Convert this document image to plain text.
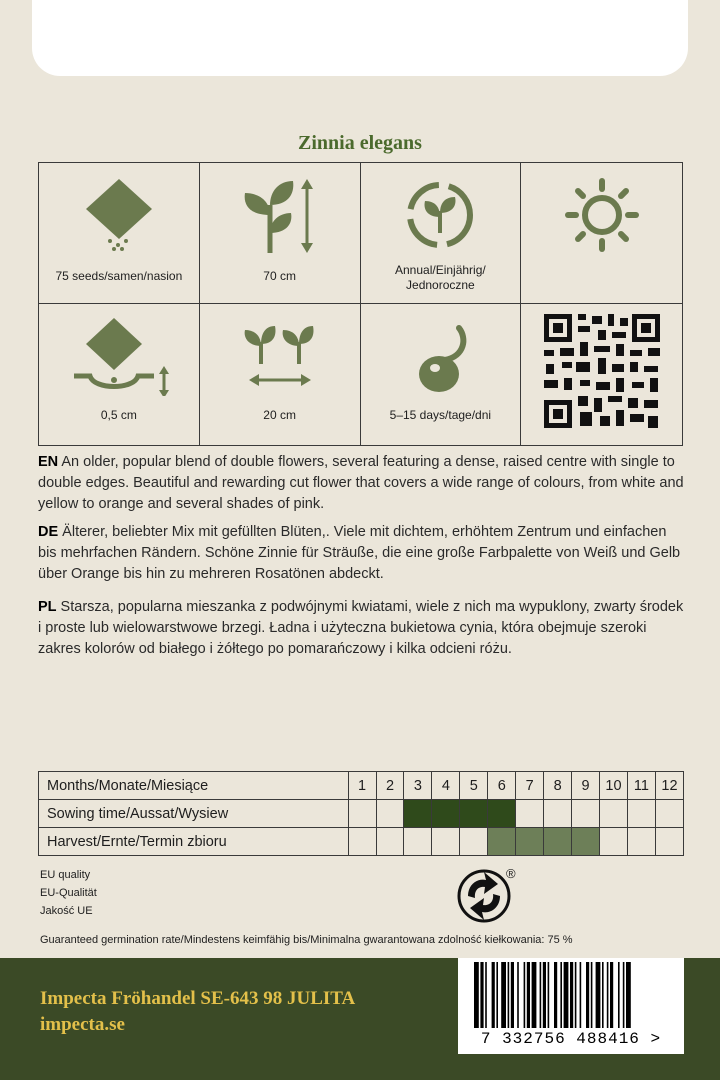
Zinnia elegans
75 seeds/samen/nasion	70 cm	Annual/Einjährig/
Jednoroczne
0,5 cm	20 cm	5–15 days/tage/dni
EN An older, popular blend of double flowers, several featuring a dense, raised centre with single to double edges. Beautiful and rewarding cut flower that covers a wide range of colours, from white and yellow to orange and several shades of pink.
DE Älterer, beliebter Mix mit gefüllten Blüten,. Viele mit dichtem, erhöhtem Zentrum und einfachen bis mehrfachen Rändern. Schöne Zinnie für Sträuße, die eine große Farbpalette von Weiß und Gelb über Orange bis hin zu mehreren Rosatönen abdeckt.
PL Starsza, popularna mieszanka z podwójnymi kwiatami, wiele z nich ma wypuklony, zwarty środek i proste lub wielowarstwowe brzegi. Ładna i użyteczna bukietowa cynia, która obejmuje szeroki zakres kolorów od białego i żółtego po pomarańczowy i kilka odcieni różu.
Months/Monate/Miesiące	1	2	3	4	5	6	7	8	9	10	11	12
Sowing time/Aussat/Wysiew												
Harvest/Ernte/Termin zbioru												
EU quality
EU-Qualität
Jakość UE
®
Guaranteed germination rate/Mindestens keimfähig bis/Minimalna gwarantowana zdolność kiełkowania: 75 %
Impecta Fröhandel SE-643 98 JULITA
impecta.se
7 332756 488416 >
